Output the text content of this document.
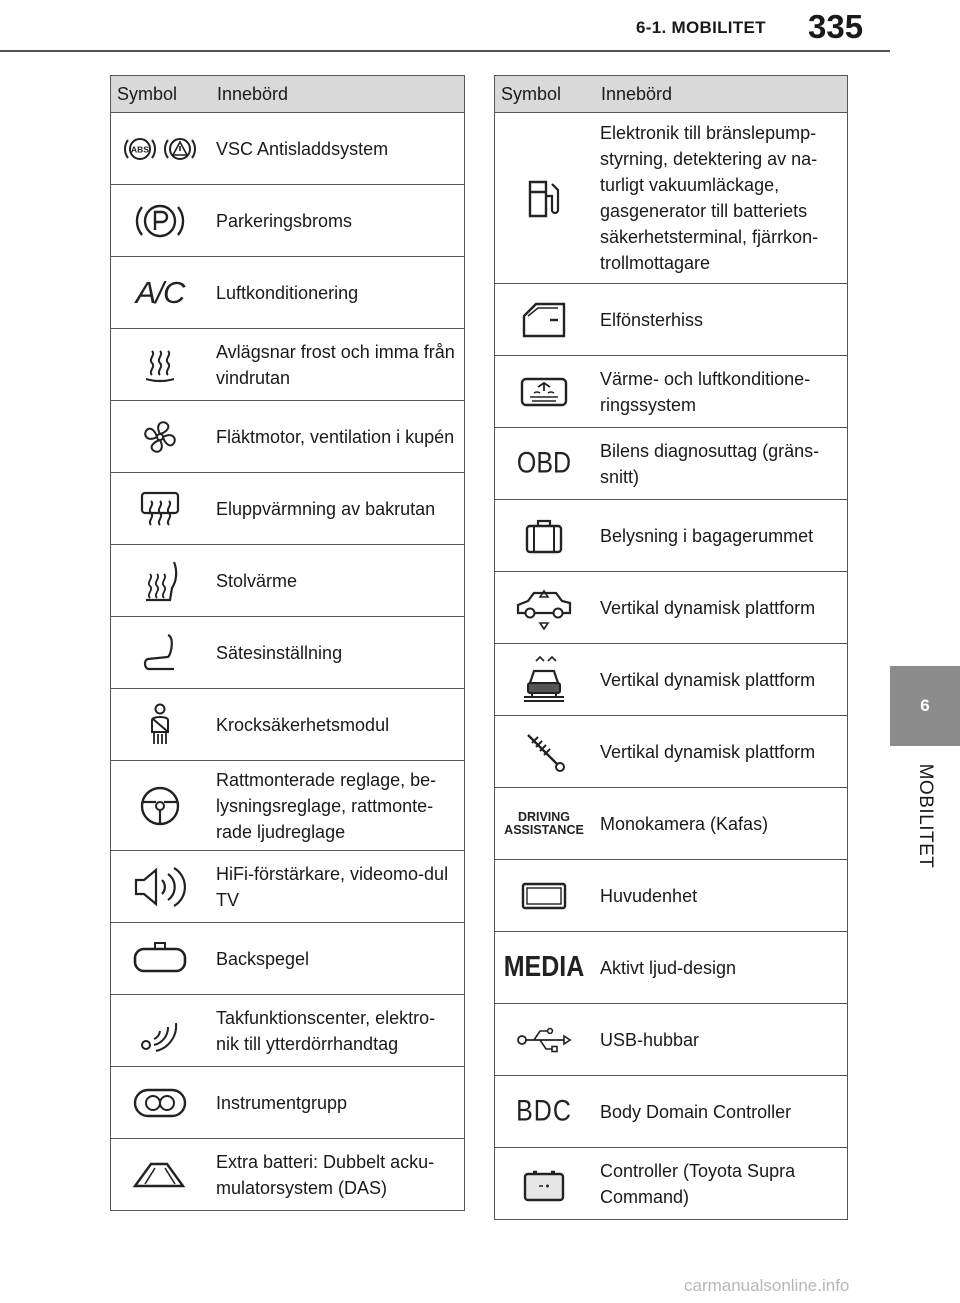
6-1. MOBILITET 335
6
MOBILITET
Symbol	Innebörd

ABS	VSC Antisladdsystem

	Parkeringsbroms
A/C	Luftkonditionering

	Avlägsnar frost och imma från vindrutan

	Fläktmotor, ventilation i kupén

	Eluppvärmning av bakrutan

	Stolvärme

	Sätesinställning

	Krocksäkerhetsmodul

	Rattmonterade reglage, be-lysningsreglage, rattmonte-rade ljudreglage

	HiFi-förstärkare, videomo-dul TV

	Backspegel

	Takfunktionscenter, elektro-nik till ytterdörrhandtag

	Instrumentgrupp

	Extra batteri: Dubbelt acku-mulatorsystem (DAS)
Symbol	Innebörd

	Elektronik till bränslepump-styrning, detektering av na-turligt vakuumläckage, gasgenerator till batteriets säkerhetsterminal, fjärrkon-trollmottagare

	Elfönsterhiss

	Värme- och luftkonditione-ringssystem
OBD	Bilens diagnosuttag (gräns-snitt)

	Belysning i bagagerummet

	Vertikal dynamisk plattform

	Vertikal dynamisk plattform

	Vertikal dynamisk plattform
DRIVING
ASSISTANCE	Monokamera (Kafas)

	Huvudenhet
MEDIA	Aktivt ljud-design

	USB-hubbar
BDC	Body Domain Controller

	Controller (Toyota Supra Command)
carmanualsonline.info
